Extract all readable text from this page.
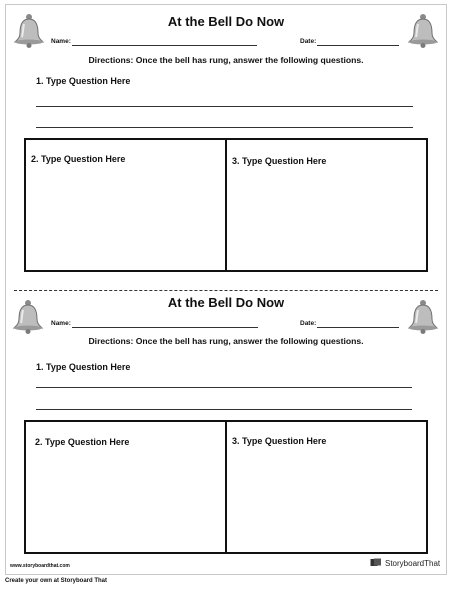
At the Bell Do Now
Name:	Date:
Directions: Once the bell has rung, answer the following questions.
1. Type Question Here
2. Type Question Here	3. Type Question Here
At the Bell Do Now
Name:	Date:
Directions: Once the bell has rung, answer the following questions.
1. Type Question Here
2. Type Question Here	3. Type Question Here
www.storyboardthat.com	StoryboardThat
Create your own at Storyboard That
